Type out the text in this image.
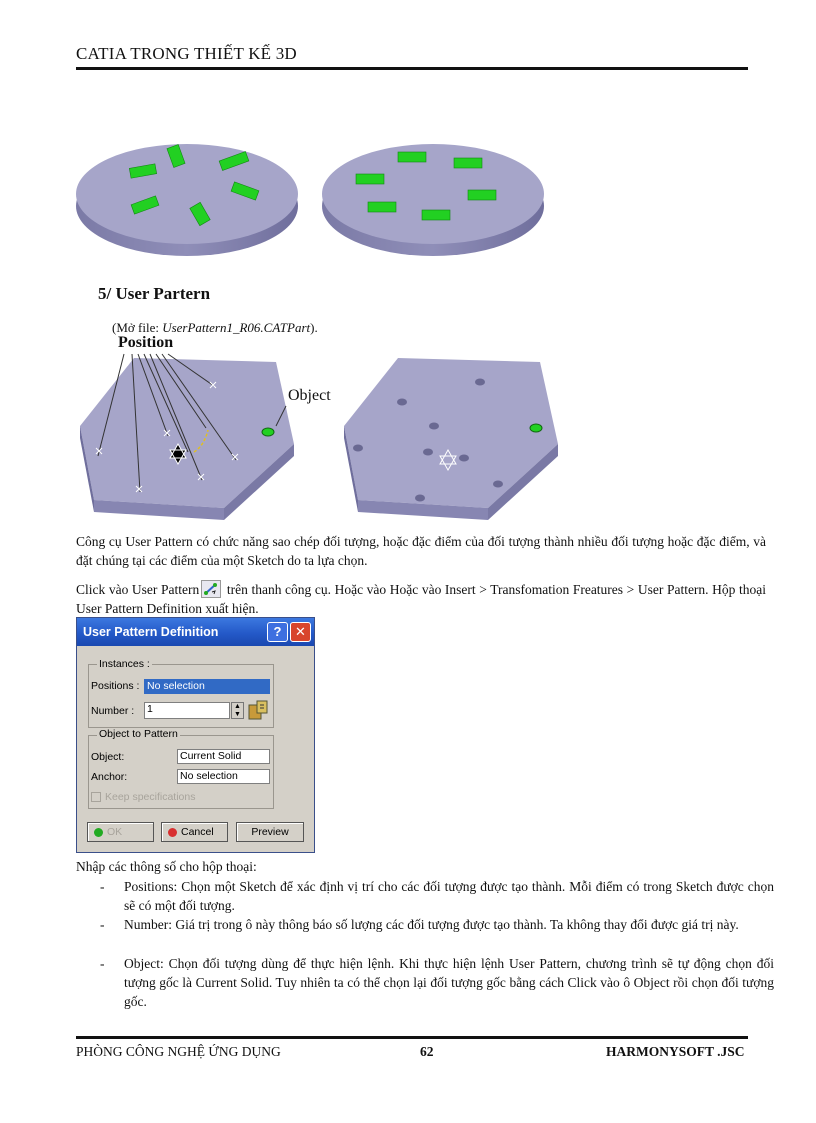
CATIA TRONG THIẾT KẾ 3D
5/ User Partern
(Mở file: UserPattern1_R06.CATPart).
Position
Object
Công cụ User Pattern có chức năng sao chép đối tượng, hoặc đặc điểm của đối tượng thành nhiều đối tượng hoặc đặc điểm, và đặt chúng tại các điểm của một Sketch do ta lựa chọn.
Click vào User Pattern trên thanh công cụ. Hoặc vào Hoặc vào Insert > Transfomation Freatures > User Pattern. Hộp thoại User Pattern Definition xuất hiện.
User Pattern Definition	?	✕
Instances :
Positions : No selection
Number : 1	▲
▼
Object to Pattern
Object:	Current Solid
Anchor:	No selection
Keep specifications
OK	Cancel	Preview
Nhập các thông số cho hộp thoại:
- Positions: Chọn một Sketch để xác định vị trí cho các đối tượng được tạo thành. Mỗi điểm có trong Sketch được chọn sẽ có một đối tượng.
- Number: Giá trị trong ô này thông báo số lượng các đối tượng được tạo thành. Ta không thay đổi được giá trị này.
- Object: Chọn đối tượng dùng để thực hiện lệnh. Khi thực hiện lệnh User Pattern, chương trình sẽ tự động chọn đối tượng gốc là Current Solid. Tuy nhiên ta có thể chọn lại đối tượng gốc bằng cách Click vào ô Object rồi chọn đối tượng gốc.
PHÒNG CÔNG NGHỆ ỨNG DỤNG	62	HARMONYSOFT .JSC
